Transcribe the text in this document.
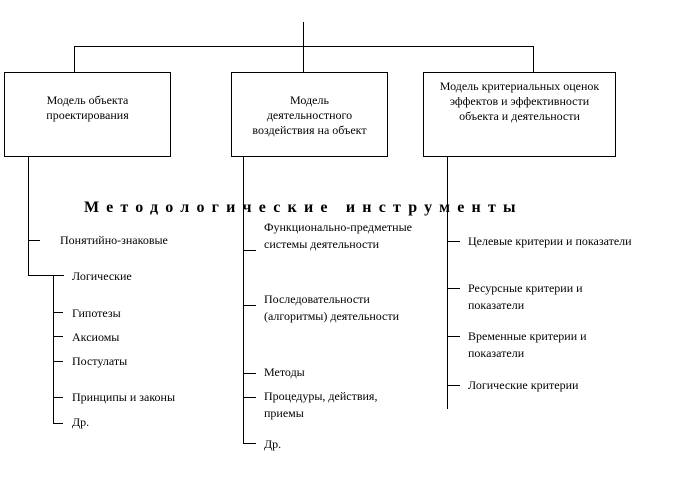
Модель объекта проектирования
Модель деятельностного воздействия на объект
Модель критериальных оценок эффектов и эффективности объекта и деятельности
Методологические инструменты
Понятийно-знаковые
Логические
Гипотезы
Аксиомы
Постулаты
Принципы и законы
Др.
Функционально-предметные системы деятельности
Последовательности (алгоритмы) деятельности
Методы
Процедуры, действия, приемы
Др.
Целевые критерии и показатели
Ресурсные критерии и показатели
Временные критерии и показатели
Логические критерии
